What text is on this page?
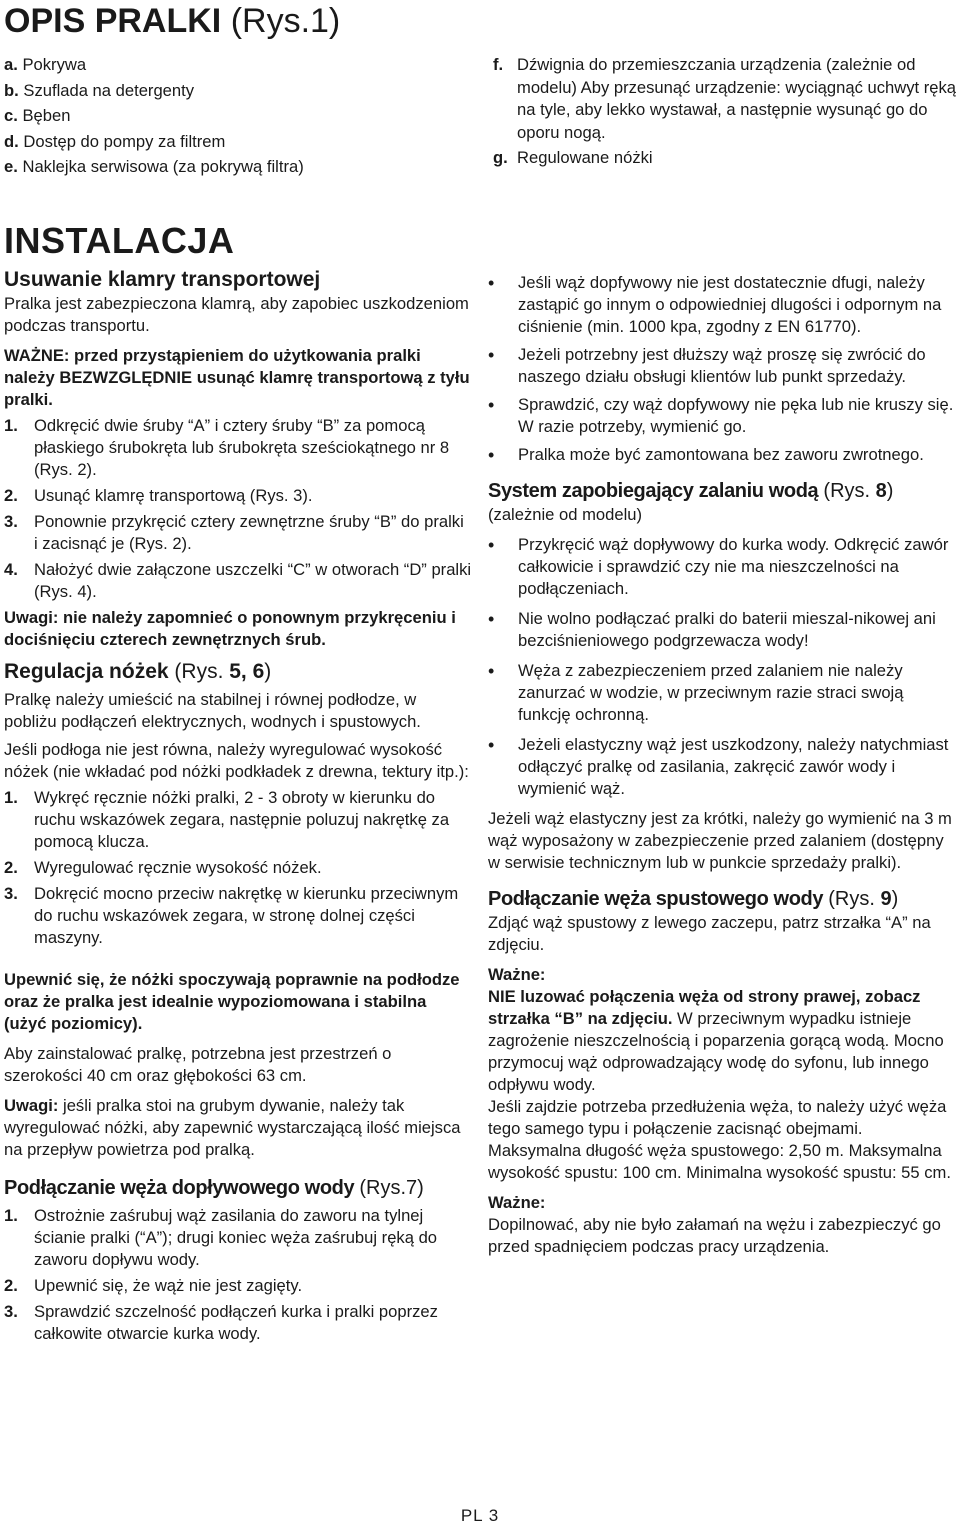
OPIS PRALKI (Rys.1)
a. Pokrywa
b. Szuflada na detergenty
c. Bęben
d. Dostęp do pompy za filtrem
e. Naklejka serwisowa (za pokrywą filtra)
f. Dźwignia do przemieszczania urządzenia (zależnie od modelu) Aby przesunąć urządzenie: wyciągnąć uchwyt ręką na tyle, aby lekko wystawał, a następnie wysunąć go do oporu nogą.
g. Regulowane nóżki
INSTALACJA
Usuwanie klamry transportowej

Pralka jest zabezpieczona klamrą, aby zapobiec uszkodzeniom podczas transportu.

WAŻNE: przed przystąpieniem do użytkowania pralki należy BEZWZGLĘDNIE usunąć klamrę transportową z tyłu pralki.

1. Odkręcić dwie śruby “A” i cztery śruby “B” za pomocą płaskiego śrubokręta lub śrubokręta sześciokątnego nr 8 (Rys. 2).
2. Usunąć klamrę transportową (Rys. 3).
3. Ponownie przykręcić cztery zewnętrzne śruby “B” do pralki i zacisnąć je (Rys. 2).
4. Nałożyć dwie załączone uszczelki “C” w otworach “D” pralki (Rys. 4).

Uwagi: nie należy zapomnieć o ponownym przykręceniu i dociśnięciu czterech zewnętrznych śrub.

Regulacja nóżek (Rys. 5, 6)

Pralkę należy umieścić na stabilnej i równej podłodze, w pobliżu podłączeń elektrycznych, wodnych i spustowych.

Jeśli podłoga nie jest równa, należy wyregulować wysokość nóżek (nie wkładać pod nóżki podkładek z drewna, tektury itp.):

1. Wykręć ręcznie nóżki pralki, 2 - 3 obroty w kierunku do ruchu wskazówek zegara, następnie poluzuj nakrętkę za pomocą klucza.
2. Wyregulować ręcznie wysokość nóżek.
3. Dokręcić mocno przeciw nakrętkę w kierunku przeciwnym do ruchu wskazówek zegara, w stronę dolnej części maszyny.

Upewnić się, że nóżki spoczywają poprawnie na podłodze oraz że pralka jest idealnie wypoziomowana i stabilna (użyć poziomicy).

Aby zainstalować pralkę, potrzebna jest przestrzeń o szerokości 40 cm oraz głębokości 63 cm.

Uwagi: jeśli pralka stoi na grubym dywanie, należy tak wyregulować nóżki, aby zapewnić wystarczającą ilość miejsca na przepływ powietrza pod pralką.

Podłączanie węża dopływowego wody (Rys.7)
1. Ostrożnie zaśrubuj wąż zasilania do zaworu na tylnej ścianie pralki (“A”); drugi koniec węża zaśrubuj ręką do zaworu dopływu wody.
2. Upewnić się, że wąż nie jest zagięty.
3. Sprawdzić szczelność podłączeń kurka i pralki poprzez całkowite otwarcie kurka wody.
•	Jeśli wąż dopfywowy nie jest dostatecznie dfugi, należy zastąpić go innym o odpowiedniej dlugości i odpornym na ciśnienie (min. 1000 kpa, zgodny z EN 61770).
•	Jeżeli potrzebny jest dłuższy wąż proszę się zwrócić do naszego działu obsługi klientów lub punkt sprzedaży.
•	Sprawdzić, czy wąż dopfywowy nie pęka lub nie kruszy się. W razie potrzeby, wymienić go.
•	Pralka może być zamontowana bez zaworu zwrotnego.
System zapobiegający zalaniu wodą (Rys. 8)

(zależnie od modelu)

•	Przykręcić wąż dopływowy do kurka wody. Odkręcić zawór całkowicie i sprawdzić czy nie ma nieszczelności na podłączeniach.
•	Nie wolno podłączać pralki do baterii mieszal-nikowej ani bezciśnieniowego podgrzewacza wody!
•	Węża z zabezpieczeniem przed zalaniem nie należy zanurzać w wodzie, w przeciwnym razie straci swoją funkcję ochronną.
•	Jeżeli elastyczny wąż jest uszkodzony, należy natychmiast odłączyć pralkę od zasilania, zakręcić zawór wody i wymienić wąż.

Jeżeli wąż elastyczny jest za krótki, należy go wymienić na 3 m wąż wyposażony w zabezpieczenie przed zalaniem (dostępny w serwisie technicznym lub w punkcie sprzedaży pralki).

Podłączanie węża spustowego wody (Rys. 9)

Zdjąć wąż spustowy z lewego zaczepu, patrz strzałka “A” na zdjęciu.

Ważne:

NIE luzować połączenia węża od strony prawej, zobacz strzałka “B” na zdjęciu. W przeciwnym wypadku istnieje zagrożenie nieszczelnością i poparzenia gorącą wodą. Mocno przymocuj wąż odprowadzający wodę do syfonu, lub innego odpływu wody.

Jeśli zajdzie potrzeba przedłużenia węża, to należy użyć węża tego samego typu i połączenie zacisnąć obejmami. Maksymalna długość węża spustowego: 2,50 m. Maksymalna wysokość spustu: 100 cm. Minimalna wysokość spustu: 55 cm.

Ważne:

Dopilnować, aby nie było załamań na wężu i zabezpieczyć go przed spadnięciem podczas pracy urządzenia.

PL 3
